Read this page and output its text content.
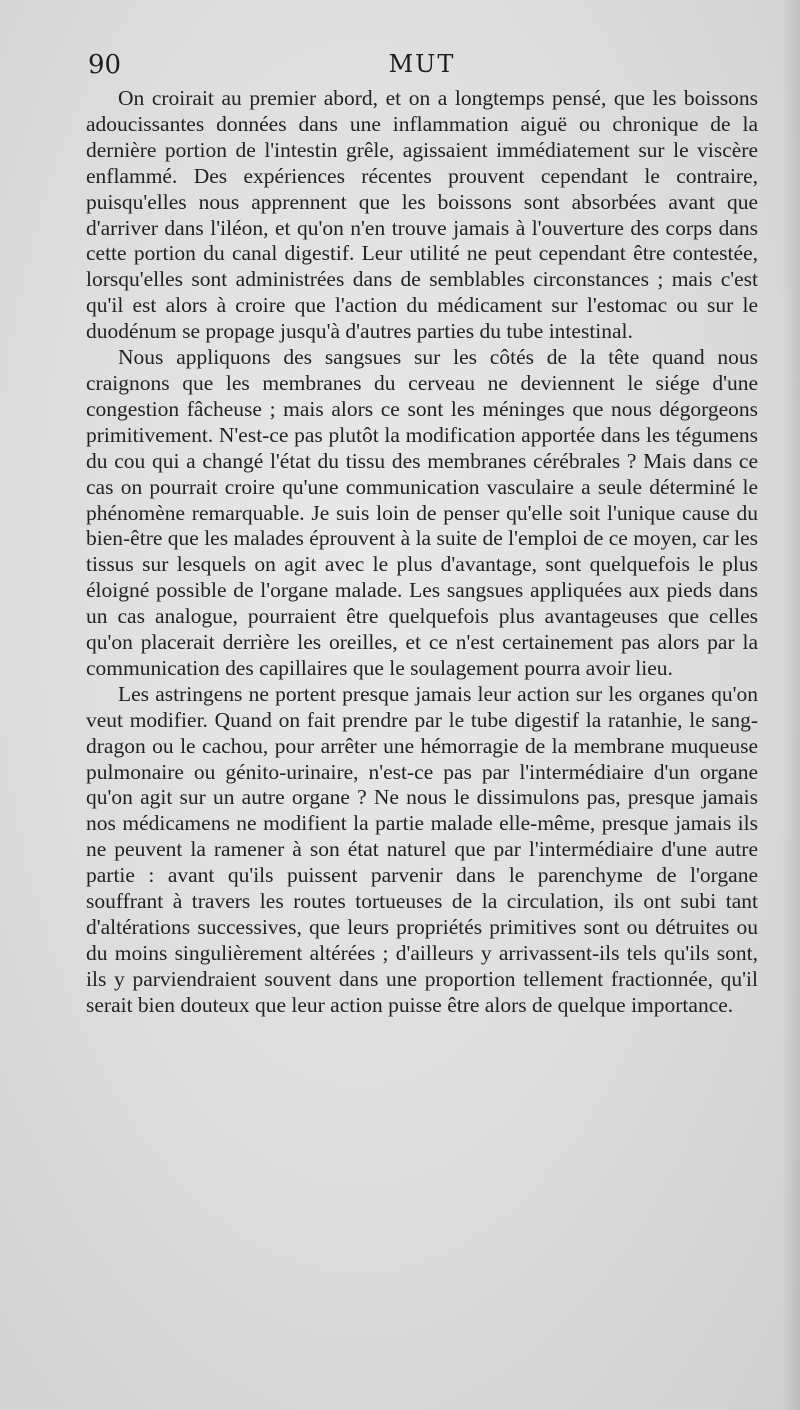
90	MUT

On croirait au premier abord, et on a longtemps pensé, que les boissons adoucissantes données dans une inflammation aiguë ou chronique de la dernière portion de l'intestin grêle, agissaient immédiatement sur le viscère enflammé. Des expériences récentes prouvent cependant le contraire, puisqu'elles nous apprennent que les boissons sont absorbées avant que d'arriver dans l'iléon, et qu'on n'en trouve jamais à l'ouverture des corps dans cette portion du canal digestif. Leur utilité ne peut cependant être contestée, lorsqu'elles sont administrées dans de semblables circonstances ; mais c'est qu'il est alors à croire que l'action du médicament sur l'estomac ou sur le duodénum se propage jusqu'à d'autres parties du tube intestinal.

Nous appliquons des sangsues sur les côtés de la tête quand nous craignons que les membranes du cerveau ne deviennent le siége d'une congestion fâcheuse ; mais alors ce sont les méninges que nous dégorgeons primitivement. N'est-ce pas plutôt la modification apportée dans les tégumens du cou qui a changé l'état du tissu des membranes cérébrales ? Mais dans ce cas on pourrait croire qu'une communication vasculaire a seule déterminé le phénomène remarquable. Je suis loin de penser qu'elle soit l'unique cause du bien-être que les malades éprouvent à la suite de l'emploi de ce moyen, car les tissus sur lesquels on agit avec le plus d'avantage, sont quelquefois le plus éloigné possible de l'organe malade. Les sangsues appliquées aux pieds dans un cas analogue, pourraient être quelquefois plus avantageuses que celles qu'on placerait derrière les oreilles, et ce n'est certainement pas alors par la communication des capillaires que le soulagement pourra avoir lieu.

Les astringens ne portent presque jamais leur action sur les organes qu'on veut modifier. Quand on fait prendre par le tube digestif la ratanhie, le sang-dragon ou le cachou, pour arrêter une hémorragie de la membrane muqueuse pulmonaire ou génito-urinaire, n'est-ce pas par l'intermédiaire d'un organe qu'on agit sur un autre organe ? Ne nous le dissimulons pas, presque jamais nos médicamens ne modifient la partie malade elle-même, presque jamais ils ne peuvent la ramener à son état naturel que par l'intermédiaire d'une autre partie : avant qu'ils puissent parvenir dans le parenchyme de l'organe souffrant à travers les routes tortueuses de la circulation, ils ont subi tant d'altérations successives, que leurs propriétés primitives sont ou détruites ou du moins singulièrement altérées ; d'ailleurs y arrivassent-ils tels qu'ils sont, ils y parviendraient souvent dans une proportion tellement fractionnée, qu'il serait bien douteux que leur action puisse être alors de quelque importance.
